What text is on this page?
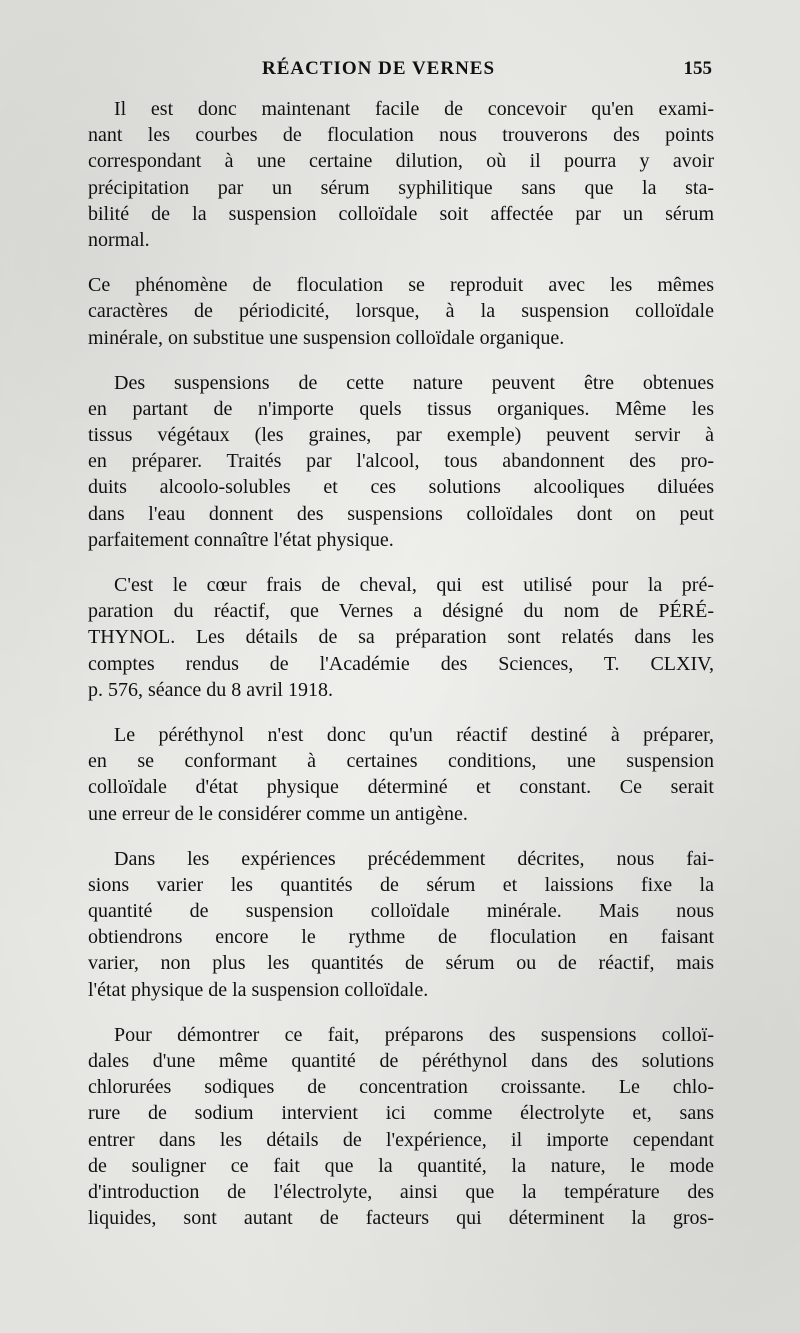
RÉACTION DE VERNES	155
Il est donc maintenant facile de concevoir qu'en exami-
nant les courbes de floculation nous trouverons des points
correspondant à une certaine dilution, où il pourra y avoir
précipitation par un sérum syphilitique sans que la sta-
bilité de la suspension colloïdale soit affectée par un sérum
normal.
Ce phénomène de floculation se reproduit avec les mêmes
caractères de périodicité, lorsque, à la suspension colloïdale
minérale, on substitue une suspension colloïdale organique.
Des suspensions de cette nature peuvent être obtenues
en partant de n'importe quels tissus organiques. Même les
tissus végétaux (les graines, par exemple) peuvent servir à
en préparer. Traités par l'alcool, tous abandonnent des pro-
duits alcoolo-solubles et ces solutions alcooliques diluées
dans l'eau donnent des suspensions colloïdales dont on peut
parfaitement connaître l'état physique.
C'est le cœur frais de cheval, qui est utilisé pour la pré-
paration du réactif, que Vernes a désigné du nom de PÉRÉ-
THYNOL. Les détails de sa préparation sont relatés dans les
comptes rendus de l'Académie des Sciences, T. CLXIV,
p. 576, séance du 8 avril 1918.
Le péréthynol n'est donc qu'un réactif destiné à préparer,
en se conformant à certaines conditions, une suspension
colloïdale d'état physique déterminé et constant. Ce serait
une erreur de le considérer comme un antigène.
Dans les expériences précédemment décrites, nous fai-
sions varier les quantités de sérum et laissions fixe la
quantité de suspension colloïdale minérale. Mais nous
obtiendrons encore le rythme de floculation en faisant
varier, non plus les quantités de sérum ou de réactif, mais
l'état physique de la suspension colloïdale.
Pour démontrer ce fait, préparons des suspensions colloï-
dales d'une même quantité de péréthynol dans des solutions
chlorurées sodiques de concentration croissante. Le chlo-
rure de sodium intervient ici comme électrolyte et, sans
entrer dans les détails de l'expérience, il importe cependant
de souligner ce fait que la quantité, la nature, le mode
d'introduction de l'électrolyte, ainsi que la température des
liquides, sont autant de facteurs qui déterminent la gros-
